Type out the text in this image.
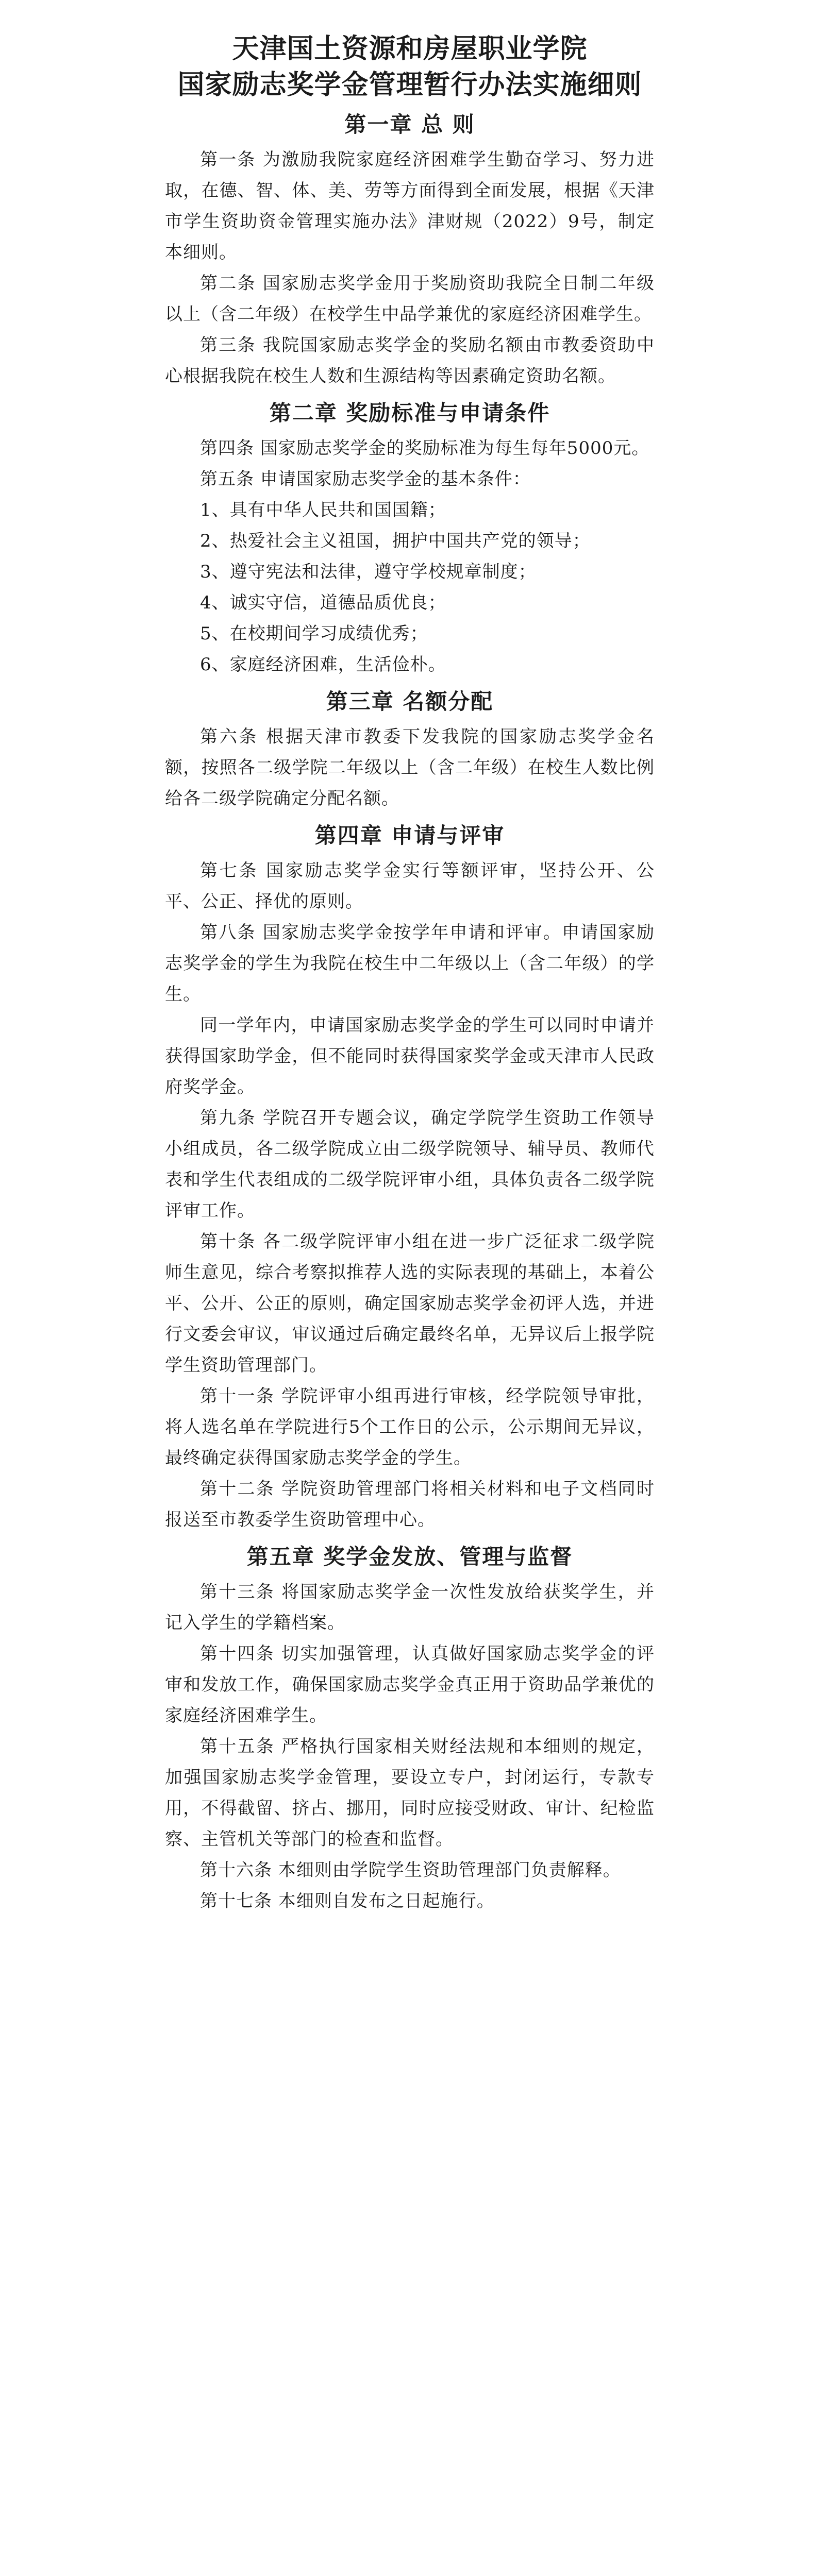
天津国土资源和房屋职业学院

国家励志奖学金管理暂行办法实施细则

第一章 总 则

第一条 为激励我院家庭经济困难学生勤奋学习、努力进取，在德、智、体、美、劳等方面得到全面发展，根据《天津市学生资助资金管理实施办法》津财规（2022）9号，制定本细则。

第二条 国家励志奖学金用于奖励资助我院全日制二年级以上（含二年级）在校学生中品学兼优的家庭经济困难学生。

第三条 我院国家励志奖学金的奖励名额由市教委资助中心根据我院在校生人数和生源结构等因素确定资助名额。

第二章 奖励标准与申请条件

第四条 国家励志奖学金的奖励标准为每生每年5000元。

第五条 申请国家励志奖学金的基本条件：

1、具有中华人民共和国国籍；

2、热爱社会主义祖国，拥护中国共产党的领导；

3、遵守宪法和法律，遵守学校规章制度；

4、诚实守信，道德品质优良；

5、在校期间学习成绩优秀；

6、家庭经济困难，生活俭朴。

第三章 名额分配

第六条 根据天津市教委下发我院的国家励志奖学金名额，按照各二级学院二年级以上（含二年级）在校生人数比例给各二级学院确定分配名额。

第四章 申请与评审

第七条 国家励志奖学金实行等额评审，坚持公开、公平、公正、择优的原则。

第八条 国家励志奖学金按学年申请和评审。申请国家励志奖学金的学生为我院在校生中二年级以上（含二年级）的学生。

同一学年内，申请国家励志奖学金的学生可以同时申请并获得国家助学金，但不能同时获得国家奖学金或天津市人民政府奖学金。

第九条 学院召开专题会议，确定学院学生资助工作领导小组成员，各二级学院成立由二级学院领导、辅导员、教师代表和学生代表组成的二级学院评审小组，具体负责各二级学院评审工作。

第十条 各二级学院评审小组在进一步广泛征求二级学院师生意见，综合考察拟推荐人选的实际表现的基础上，本着公平、公开、公正的原则，确定国家励志奖学金初评人选，并进行文委会审议，审议通过后确定最终名单，无异议后上报学院学生资助管理部门。

第十一条 学院评审小组再进行审核，经学院领导审批，将人选名单在学院进行5个工作日的公示，公示期间无异议，最终确定获得国家励志奖学金的学生。

第十二条 学院资助管理部门将相关材料和电子文档同时报送至市教委学生资助管理中心。

第五章 奖学金发放、管理与监督

第十三条 将国家励志奖学金一次性发放给获奖学生，并记入学生的学籍档案。

第十四条 切实加强管理，认真做好国家励志奖学金的评审和发放工作，确保国家励志奖学金真正用于资助品学兼优的家庭经济困难学生。

第十五条 严格执行国家相关财经法规和本细则的规定，加强国家励志奖学金管理，要设立专户，封闭运行，专款专用，不得截留、挤占、挪用，同时应接受财政、审计、纪检监察、主管机关等部门的检查和监督。

第十六条 本细则由学院学生资助管理部门负责解释。

第十七条 本细则自发布之日起施行。
